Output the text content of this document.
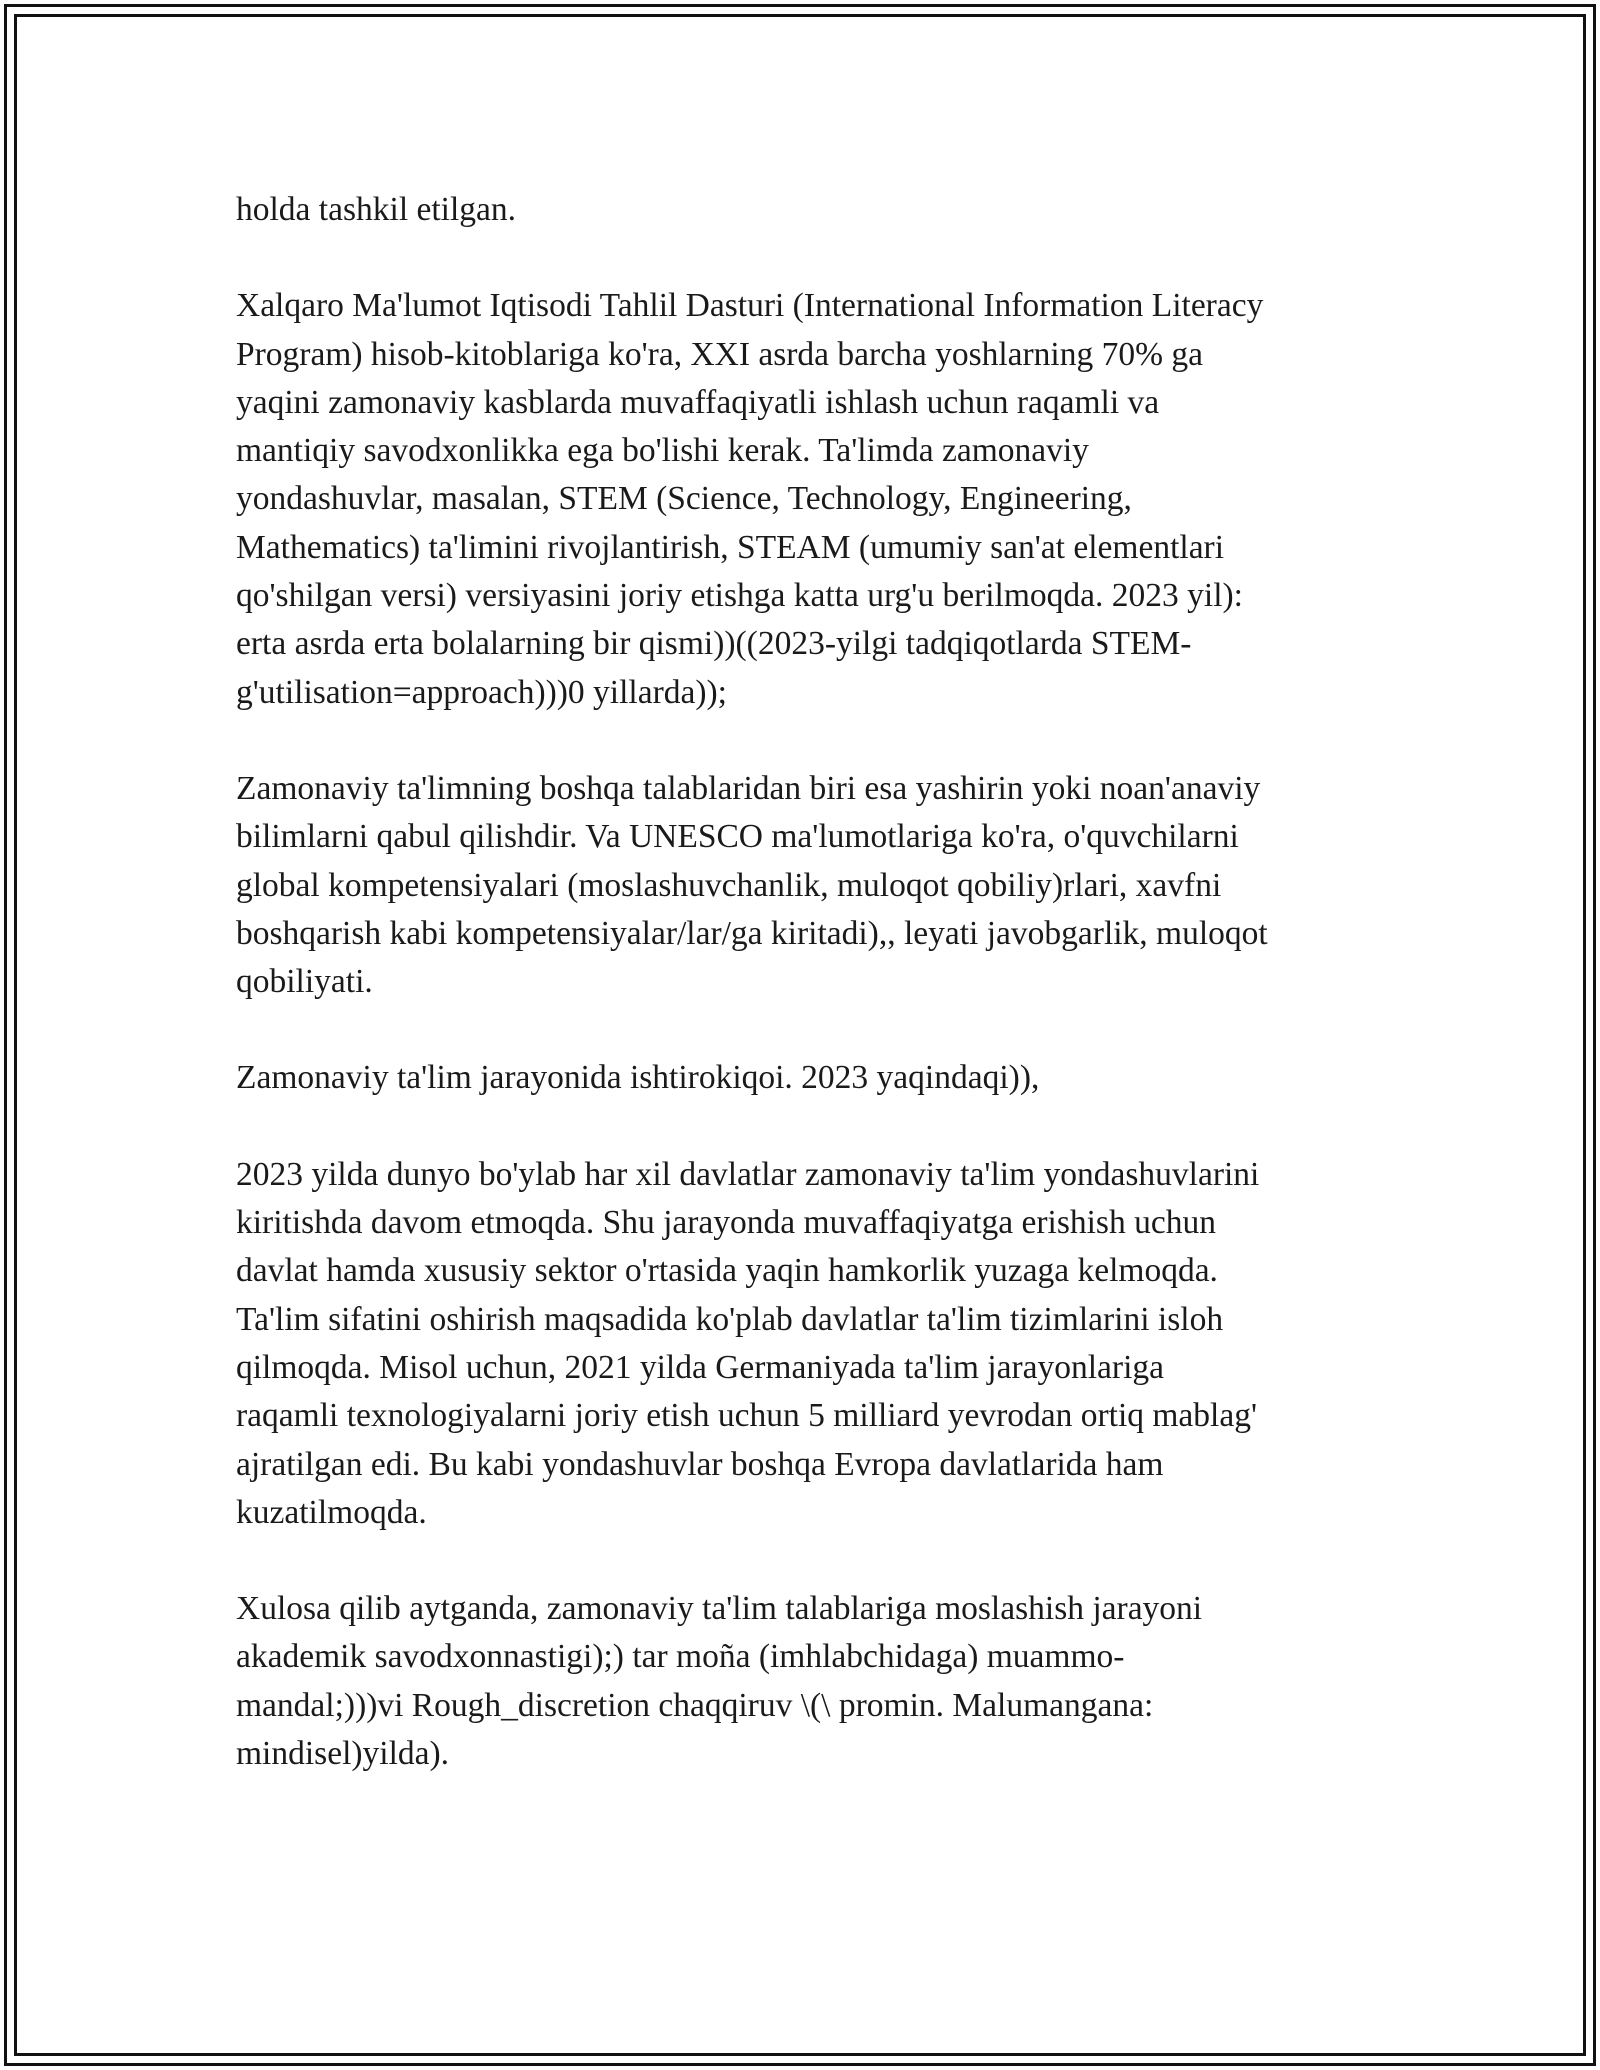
holda tashkil etilgan.

Xalqaro Ma'lumot Iqtisodi Tahlil Dasturi (International Information Literacy
Program) hisob-kitoblariga ko'ra, XXI asrda barcha yoshlarning 70% ga
yaqini zamonaviy kasblarda muvaffaqiyatli ishlash uchun raqamli va
mantiqiy savodxonlikka ega bo'lishi kerak. Ta'limda zamonaviy
yondashuvlar, masalan, STEM (Science, Technology, Engineering,
Mathematics) ta'limini rivojlantirish, STEAM (umumiy san'at elementlari
qo'shilgan versi) versiyasini joriy etishga katta urg'u berilmoqda. 2023 yil):
erta asrda erta bolalarning bir qismi))((2023-yilgi tadqiqotlarda STEM-
g'utilisation=approach)))0 yillarda));

Zamonaviy ta'limning boshqa talablaridan biri esa yashirin yoki noan'anaviy
bilimlarni qabul qilishdir. Va UNESCO ma'lumotlariga ko'ra, o'quvchilarni
global kompetensiyalari (moslashuvchanlik, muloqot qobiliy)rlari, xavfni
boshqarish kabi kompetensiyalar/lar/ga kiritadi),, leyati javobgarlik, muloqot
qobiliyati.

Zamonaviy ta'lim jarayonida ishtirokiqoi. 2023 yaqindaqi)),

2023 yilda dunyo bo'ylab har xil davlatlar zamonaviy ta'lim yondashuvlarini
kiritishda davom etmoqda. Shu jarayonda muvaffaqiyatga erishish uchun
davlat hamda xususiy sektor o'rtasida yaqin hamkorlik yuzaga kelmoqda.
Ta'lim sifatini oshirish maqsadida ko'plab davlatlar ta'lim tizimlarini isloh
qilmoqda. Misol uchun, 2021 yilda Germaniyada ta'lim jarayonlariga
raqamli texnologiyalarni joriy etish uchun 5 milliard yevrodan ortiq mablag'
ajratilgan edi. Bu kabi yondashuvlar boshqa Evropa davlatlarida ham
kuzatilmoqda.

Xulosa qilib aytganda, zamonaviy ta'lim talablariga moslashish jarayoni
akademik savodxonnastigi);) tar moña (imhlabchidaga) muammo-
mandal;)))vi Rough_discretion chaqqiruv \(\ promin. Malumangana:
mindisel)yilda).
